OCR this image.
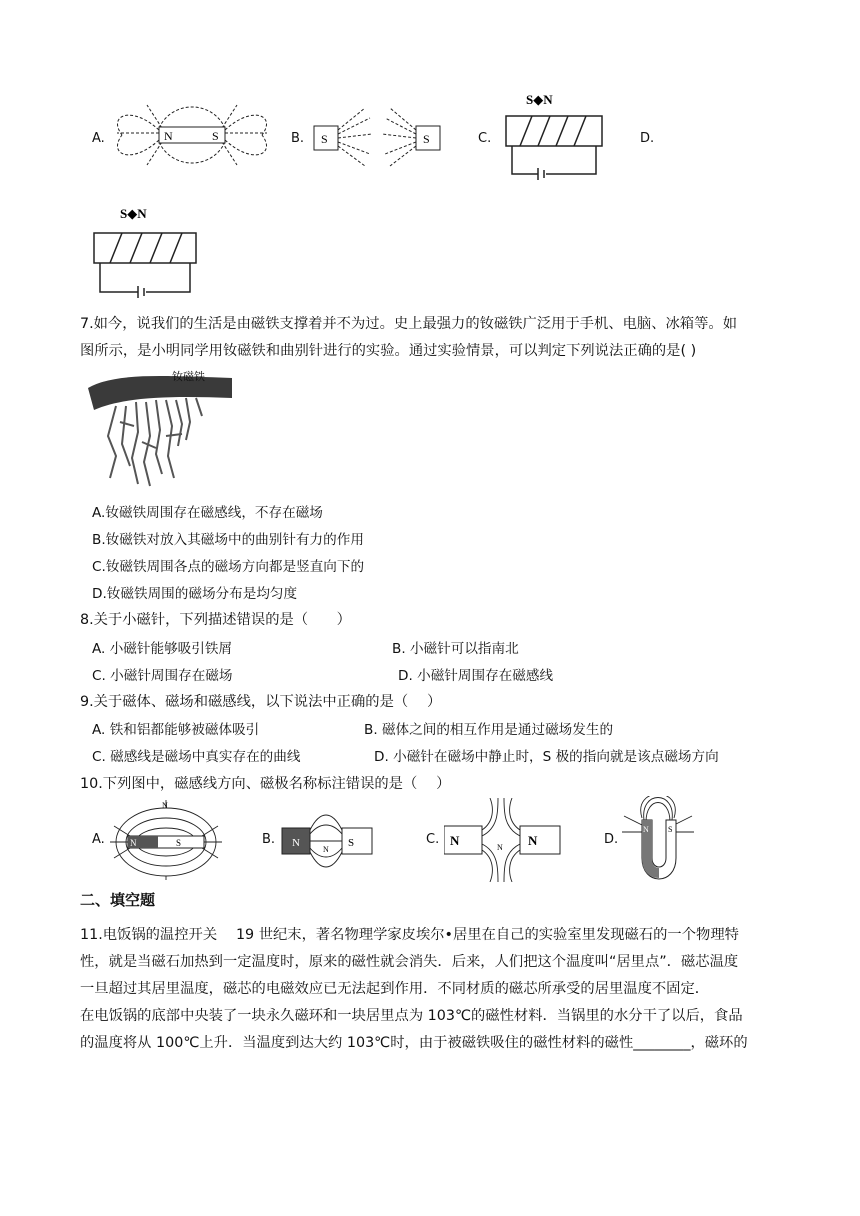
A.	N	S	B. S	S	C.
S◆N
D.
S◆N
7.如今，说我们的生活是由磁铁支撑着并不为过。史上最强力的钕磁铁广泛用于手机、电脑、冰箱等。如
图所示，是小明同学用钕磁铁和曲别针进行的实验。通过实验情景，可以判定下列说法正确的是( )
钕磁铁
A.钕磁铁周围存在磁感线，不存在磁场
B.钕磁铁对放入其磁场中的曲别针有力的作用
C.钕磁铁周围各点的磁场方向都是竖直向下的
D.钕磁铁周围的磁场分布是均匀度
8.关于小磁针，下列描述错误的是（　　）
A. 小磁针能够吸引铁屑	B. 小磁针可以指南北
C. 小磁针周围存在磁场	D. 小磁针周围存在磁感线
9.关于磁体、磁场和磁感线，以下说法中正确的是（　 ）
A. 铁和铝都能够被磁体吸引	B. 磁体之间的相互作用是通过磁场发生的
C. 磁感线是磁场中真实存在的曲线	D. 小磁针在磁场中静止时，S 极的指向就是该点磁场方向
10.下列图中，磁感线方向、磁极名称标注错误的是（　 ）
A.	N	S
N
B. N	S
N
C. N	N
N
D.
N S
二、填空题
11.电饭锅的温控开关　 19 世纪末，著名物理学家皮埃尔•居里在自己的实验室里发现磁石的一个物理特
性，就是当磁石加热到一定温度时，原来的磁性就会消失．后来，人们把这个温度叫“居里点”．磁芯温度
一旦超过其居里温度，磁芯的电磁效应已无法起到作用．不同材质的磁芯所承受的居里温度不固定．
在电饭锅的底部中央装了一块永久磁环和一块居里点为 103℃的磁性材料．当锅里的水分干了以后，食品
的温度将从 100℃上升．当温度到达大约 103℃时，由于被磁铁吸住的磁性材料的磁性________，磁环的
